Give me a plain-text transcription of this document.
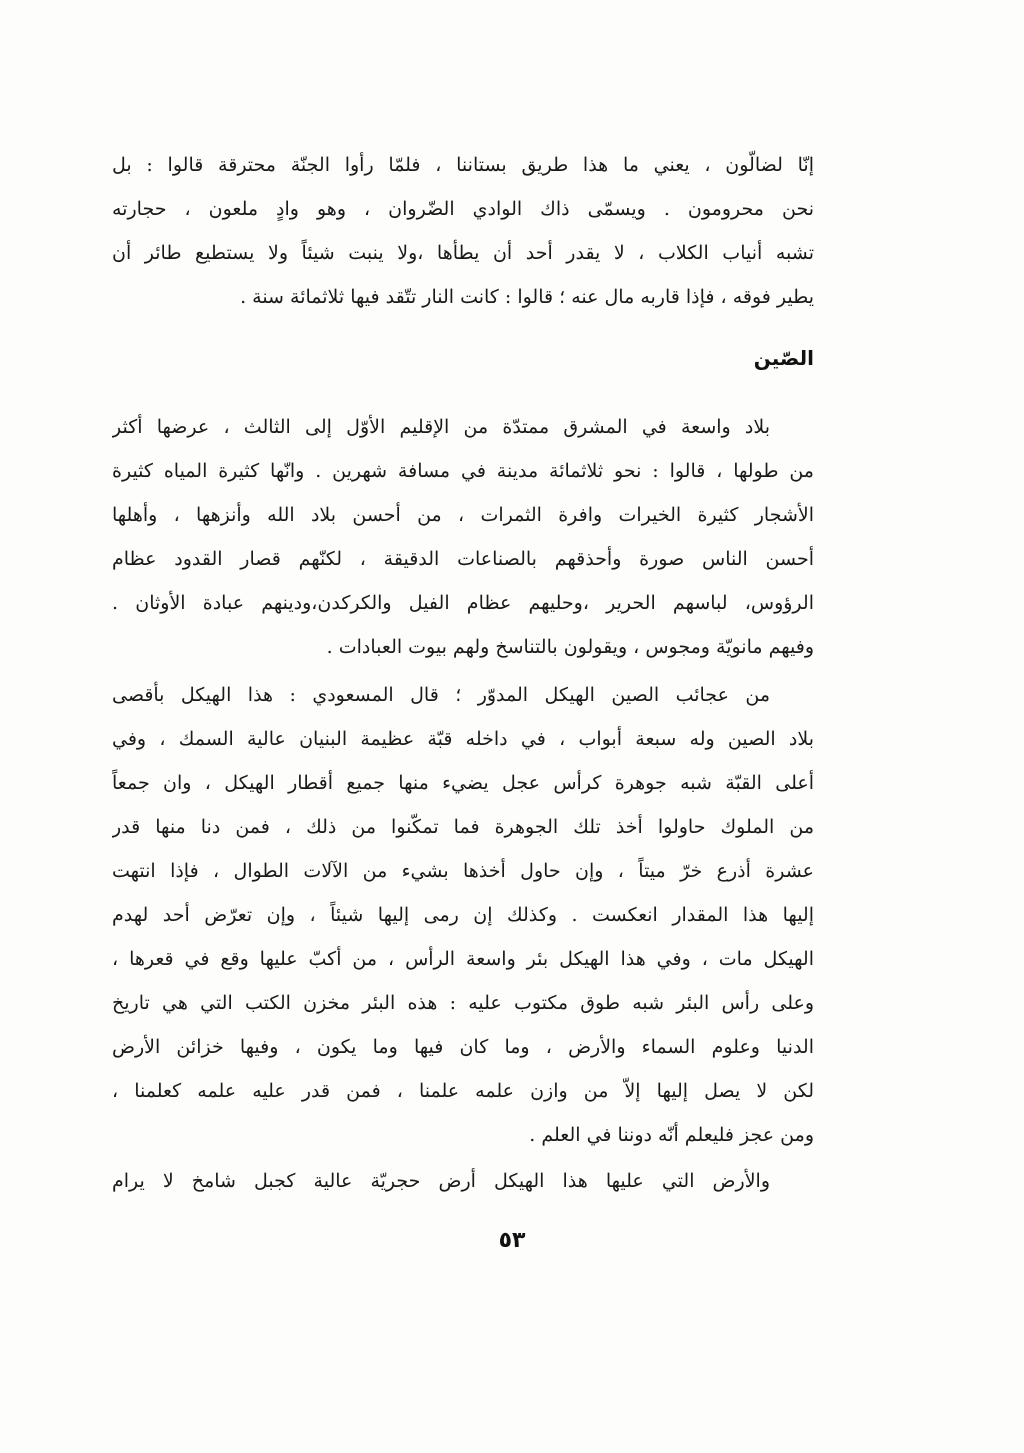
إنّا لضالّون ، يعني ما هذا طريق بستاننا ، فلمّا رأوا الجنّة محترقة قالوا : بل
نحن محرومون . ويسمّى ذاك الوادي الضّروان ، وهو وادٍ ملعون ، حجارته
تشبه أنياب الكلاب ، لا يقدر أحد أن يطأها ،ولا ينبت شيئاً ولا يستطيع طائر أن
يطير فوقه ، فإذا قاربه مال عنه ؛ قالوا : كانت النار تتّقد فيها ثلاثمائة سنة .
الصّين
بلاد واسعة في المشرق ممتدّة من الإقليم الأوّل إلى الثالث ، عرضها أكثر
من طولها ، قالوا : نحو ثلاثمائة مدينة في مسافة شهرين . وانّها كثيرة المياه كثيرة
الأشجار كثيرة الخيرات وافرة الثمرات ، من أحسن بلاد الله وأنزهها ، وأهلها
أحسن الناس صورة وأحذقهم بالصناعات الدقيقة ، لكنّهم قصار القدود عظام
الرؤوس، لباسهم الحرير ،وحليهم عظام الفيل والكركدن،ودينهم عبادة الأوثان .
وفيهم مانويّة ومجوس ، ويقولون بالتناسخ ولهم بيوت العبادات .
من عجائب الصين الهيكل المدوّر ؛ قال المسعودي : هذا الهيكل بأقصى
بلاد الصين وله سبعة أبواب ، في داخله قبّة عظيمة البنيان عالية السمك ، وفي
أعلى القبّة شبه جوهرة كرأس عجل يضيء منها جميع أقطار الهيكل ، وان جمعاً
من الملوك حاولوا أخذ تلك الجوهرة فما تمكّنوا من ذلك ، فمن دنا منها قدر
عشرة أذرع خرّ ميتاً ، وإن حاول أخذها بشيء من الآلات الطوال ، فإذا انتهت
إليها هذا المقدار انعكست . وكذلك إن رمى إليها شيئاً ، وإن تعرّض أحد لهدم
الهيكل مات ، وفي هذا الهيكل بئر واسعة الرأس ، من أكبّ عليها وقع في قعرها ،
وعلى رأس البئر شبه طوق مكتوب عليه : هذه البئر مخزن الكتب التي هي تاريخ
الدنيا وعلوم السماء والأرض ، وما كان فيها وما يكون ، وفيها خزائن الأرض
لكن لا يصل إليها إلاّ من وازن علمه علمنا ، فمن قدر عليه علمه كعلمنا ،
ومن عجز فليعلم أنّه دوننا في العلم .
والأرض التي عليها هذا الهيكل أرض حجريّة عالية كجبل شامخ لا يرام
٥٣
